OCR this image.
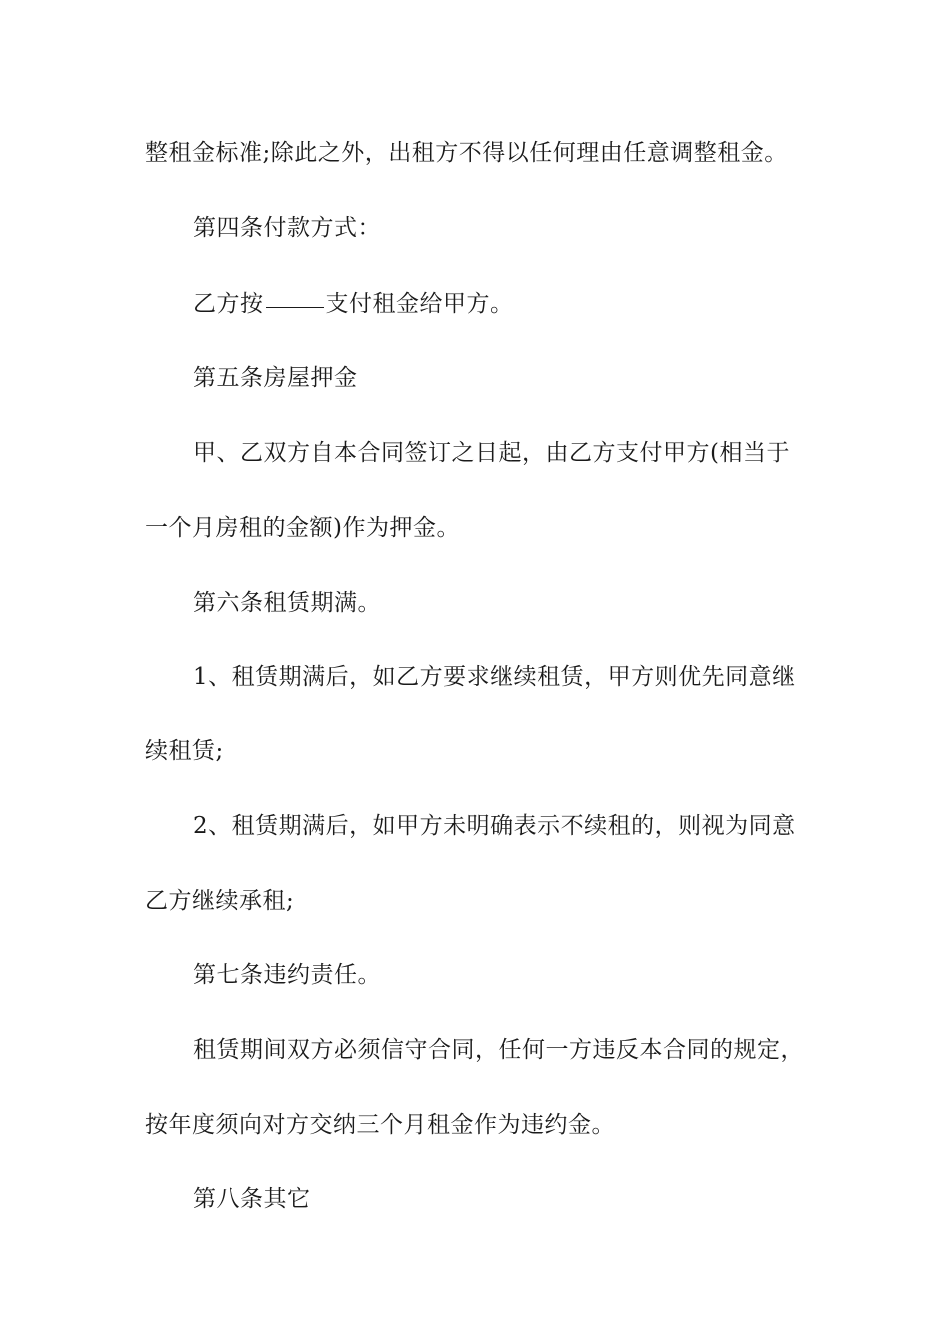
整租金标准;除此之外，出租方不得以任何理由任意调整租金。
第四条付款方式：
乙方按	支付租金给甲方。
第五条房屋押金
甲、乙双方自本合同签订之日起，由乙方支付甲方(相当于
一个月房租的金额)作为押金。
第六条租赁期满。
1、租赁期满后，如乙方要求继续租赁，甲方则优先同意继
续租赁;
2、租赁期满后，如甲方未明确表示不续租的，则视为同意
乙方继续承租;
第七条违约责任。
租赁期间双方必须信守合同，任何一方违反本合同的规定，
按年度须向对方交纳三个月租金作为违约金。
第八条其它
